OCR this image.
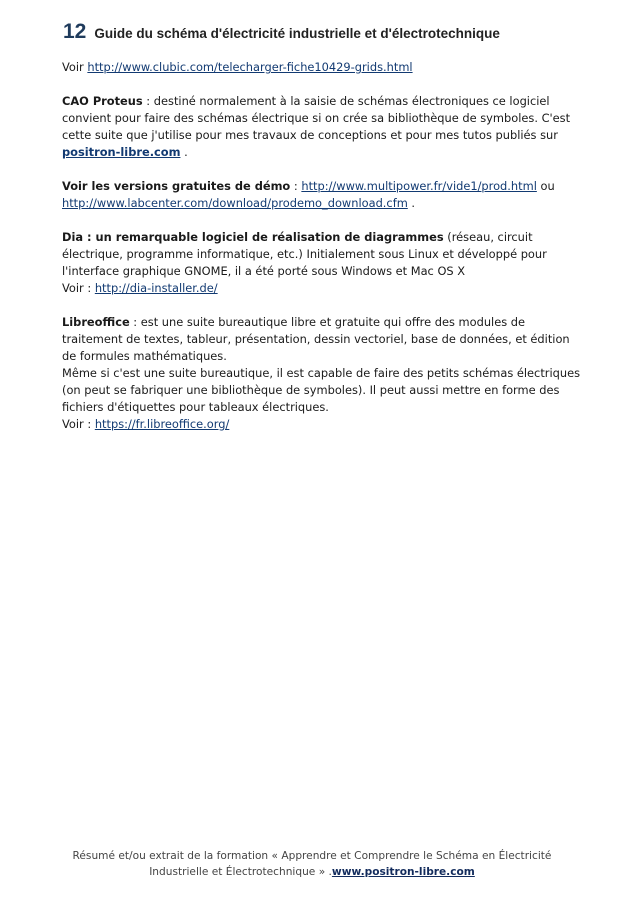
12 Guide du schéma d'électricité industrielle et d'électrotechnique

Voir http://www.clubic.com/telecharger-fiche10429-grids.html

CAO Proteus : destiné normalement à la saisie de schémas électroniques ce logiciel convient pour faire des schémas électrique si on crée sa bibliothèque de symboles. C'est cette suite que j'utilise pour mes travaux de conceptions et pour mes tutos publiés sur positron-libre.com .

Voir les versions gratuites de démo : http://www.multipower.fr/vide1/prod.html ou http://www.labcenter.com/download/prodemo_download.cfm .

Dia : un remarquable logiciel de réalisation de diagrammes (réseau, circuit électrique, programme informatique, etc.) Initialement sous Linux et développé pour l'interface graphique GNOME, il a été porté sous Windows et Mac OS X
Voir : http://dia-installer.de/

Libreoffice : est une suite bureautique libre et gratuite qui offre des modules de traitement de textes, tableur, présentation, dessin vectoriel, base de données, et édition de formules mathématiques.
Même si c'est une suite bureautique, il est capable de faire des petits schémas électriques (on peut se fabriquer une bibliothèque de symboles). Il peut aussi mettre en forme des fichiers d'étiquettes pour tableaux électriques.
Voir : https://fr.libreoffice.org/

Résumé et/ou extrait de la formation « Apprendre et Comprendre le Schéma en Électricité Industrielle et Électrotechnique » .www.positron-libre.com
